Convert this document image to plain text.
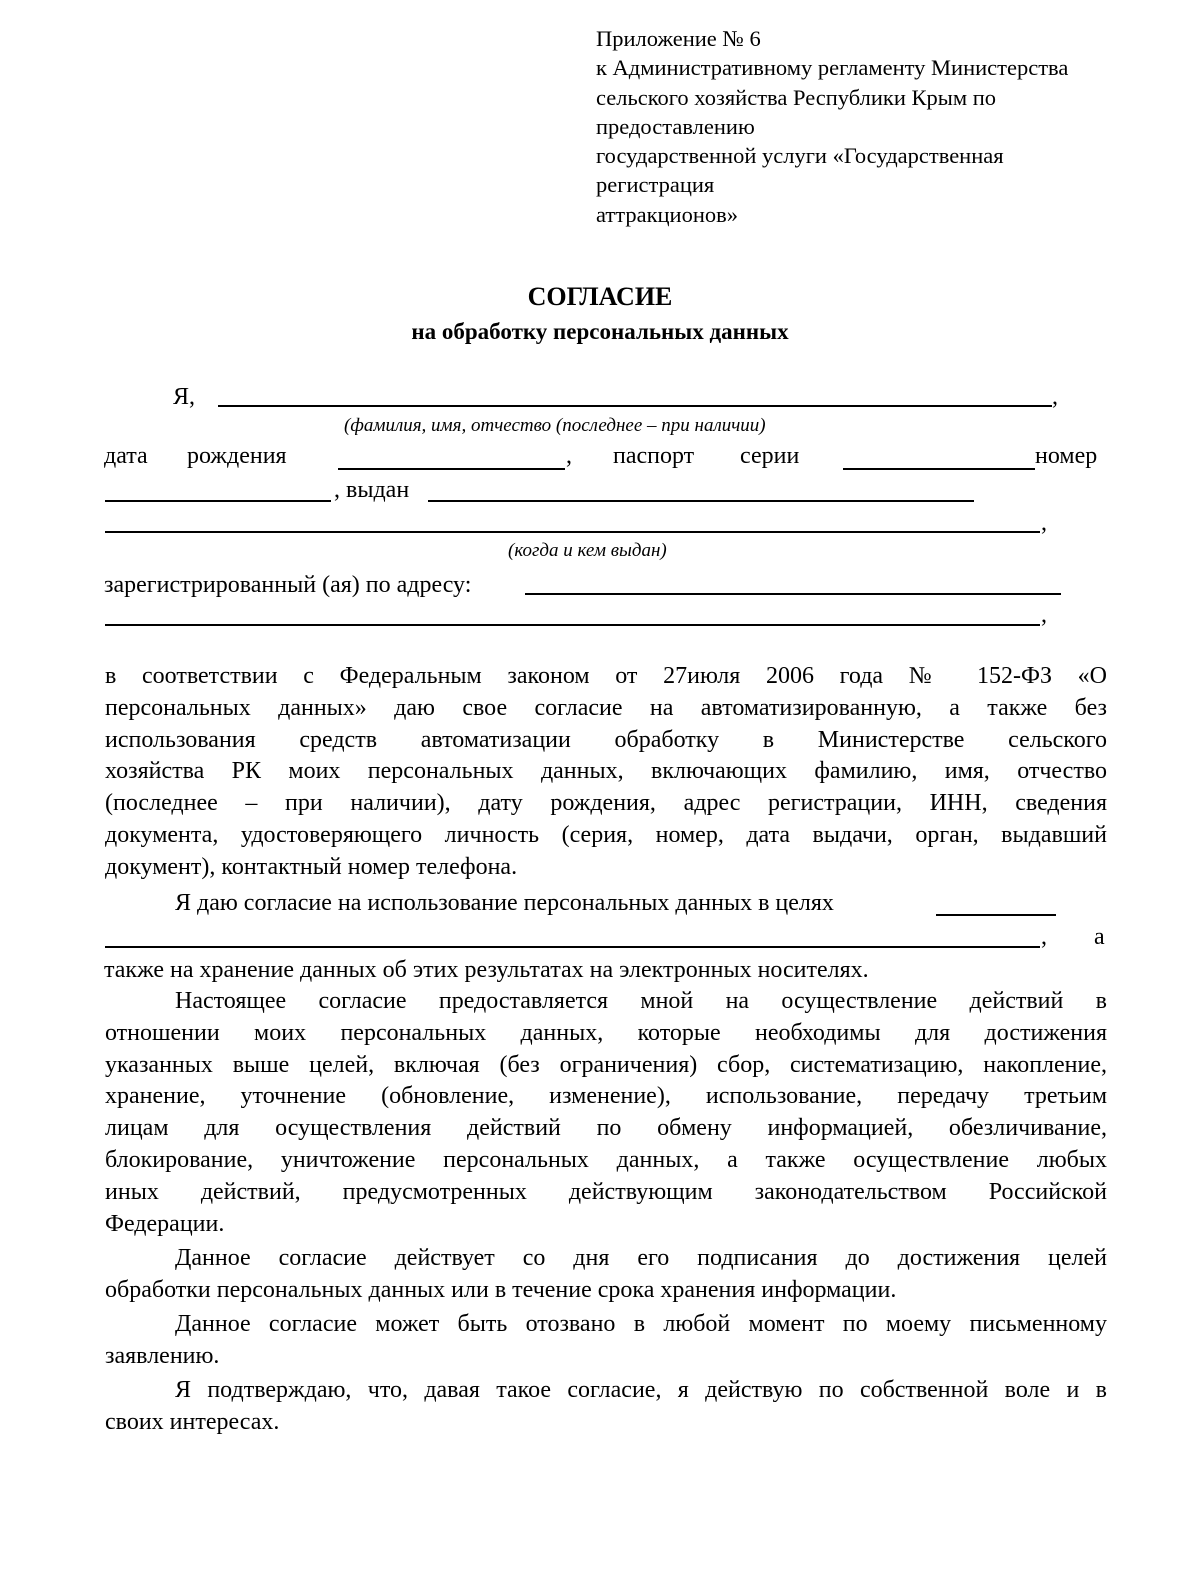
Приложение № 6
к Административному регламенту Министерства
сельского хозяйства Республики Крым по
предоставлению
государственной услуги «Государственная
регистрация
аттракционов»
СОГЛАСИЕ
на обработку персональных данных
Я,	,
(фамилия, имя, отчество (последнее – при наличии)
дата рождения	, паспорт серии	номер
, выдан
,
(когда и кем выдан)
зарегистрированный (ая) по адресу:
,
в соответствии с Федеральным законом от 27июля 2006 года № 152-ФЗ «О
персональных данных» даю свое согласие на автоматизированную, а также без
использования средств автоматизации обработку в Министерстве сельского
хозяйства РК моих персональных данных, включающих фамилию, имя, отчество
(последнее – при наличии), дату рождения, адрес регистрации, ИНН, сведения
документа, удостоверяющего личность (серия, номер, дата выдачи, орган, выдавший
документ), контактный номер телефона.
Я даю согласие на использование персональных данных в целях
, а
также на хранение данных об этих результатах на электронных носителях.
Настоящее согласие предоставляется мной на осуществление действий в
отношении моих персональных данных, которые необходимы для достижения
указанных выше целей, включая (без ограничения) сбор, систематизацию, накопление,
хранение, уточнение (обновление, изменение), использование, передачу третьим
лицам для осуществления действий по обмену информацией, обезличивание,
блокирование, уничтожение персональных данных, а также осуществление любых
иных действий, предусмотренных действующим законодательством Российской
Федерации.
Данное согласие действует со дня его подписания до достижения целей
обработки персональных данных или в течение срока хранения информации.
Данное согласие может быть отозвано в любой момент по моему письменному
заявлению.
Я подтверждаю, что, давая такое согласие, я действую по собственной воле и в
своих интересах.
